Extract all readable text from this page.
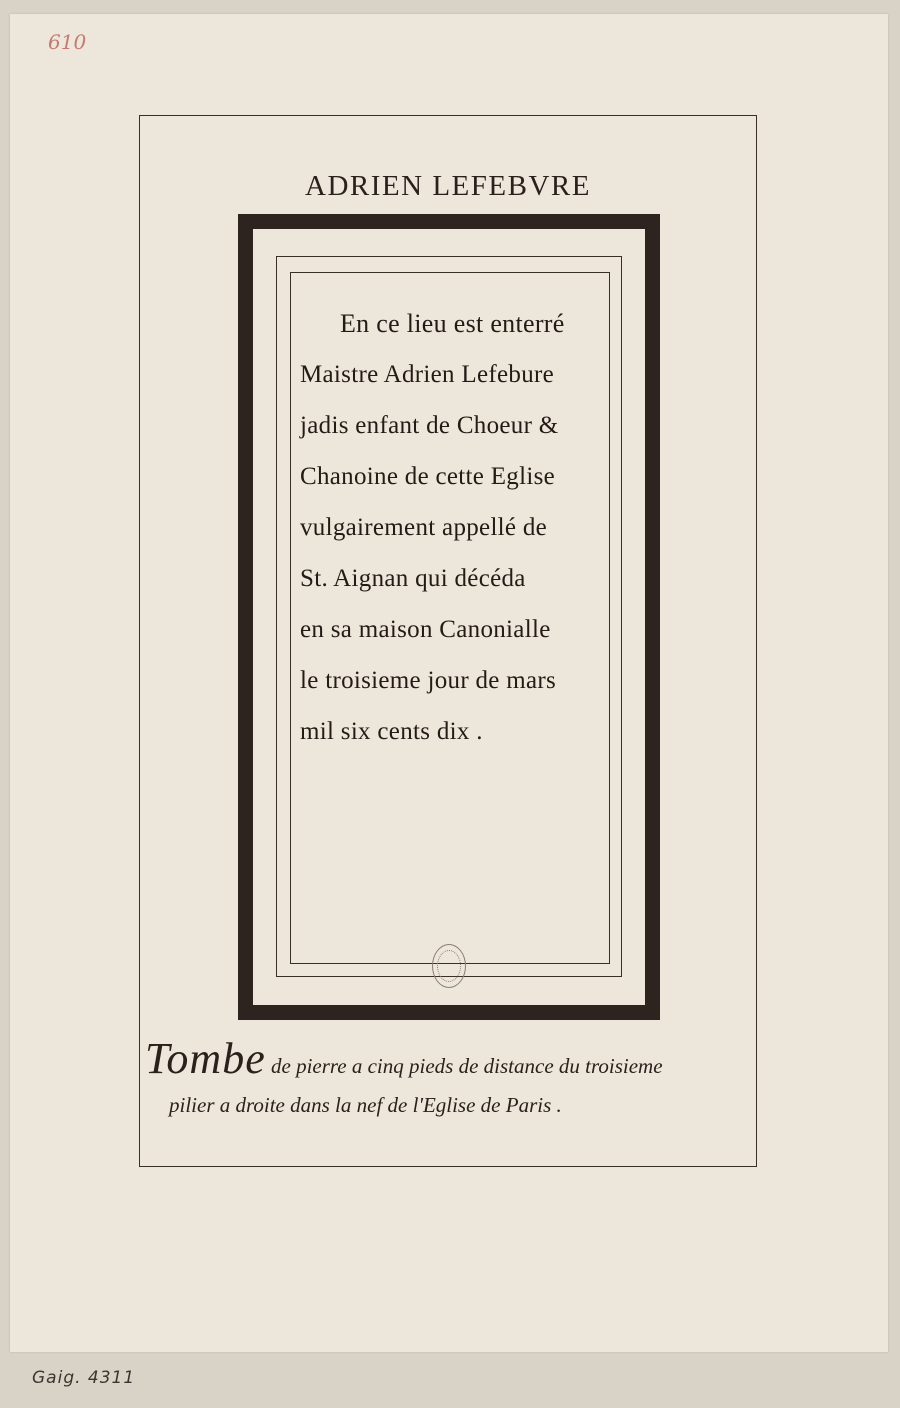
610
ADRIEN LEFEBVRE
En ce lieu est enterré
Maistre Adrien Lefebure
jadis enfant de Choeur &
Chanoine de cette Eglise
vulgairement appellé de
St. Aignan qui décéda
en sa maison Canonialle
le troisieme jour de mars
mil six cents dix .
Tombe de pierre a cinq pieds de distance du troisieme
pilier a droite dans la nef de l'Eglise de Paris .
Gaig. 4311
